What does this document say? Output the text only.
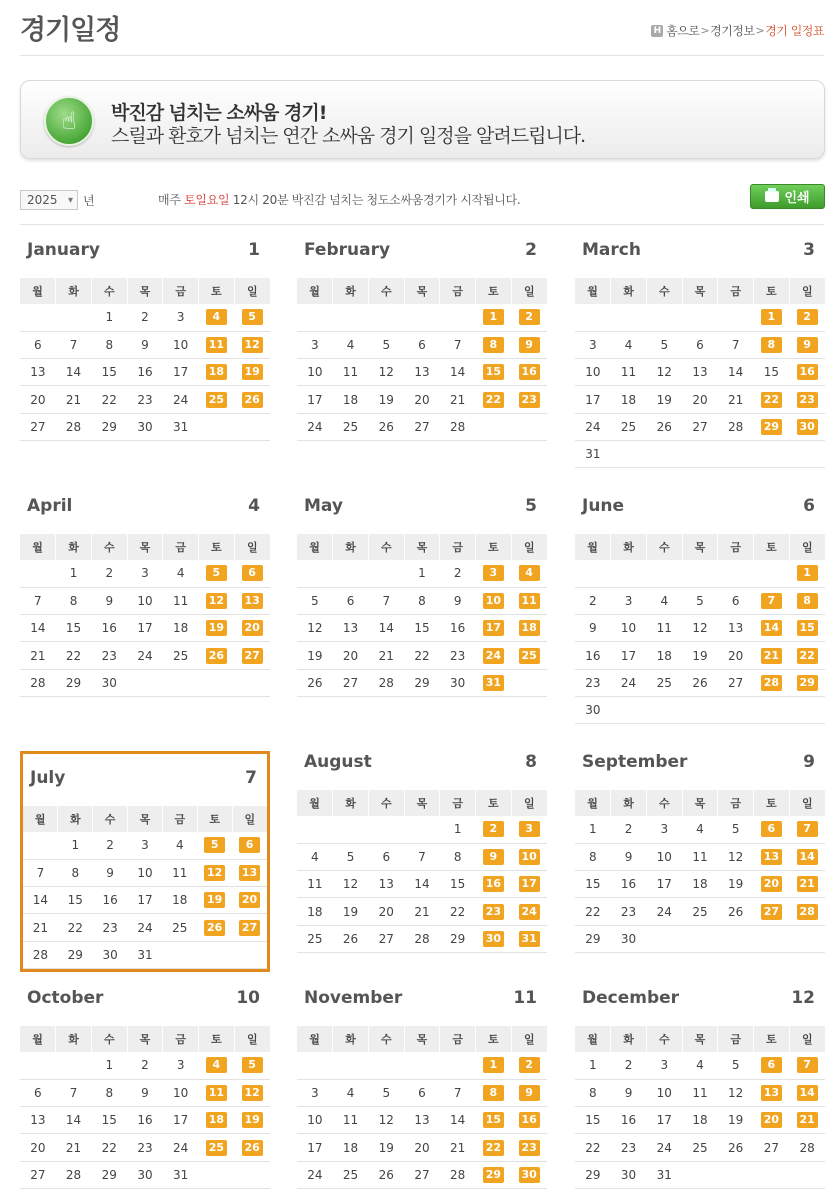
경기일정	H 홈으로 > 경기정보 > 경기 일정표
☝	박진감 넘치는 소싸움 경기!
스릴과 환호가 넘치는 연간 소싸움 경기 일정을 알려드립니다.
2025 ▾ 년	매주 토일요일 12시 20분 박진감 넘치는 청도소싸움경기가 시작됩니다.	인쇄
January	1
월	화	수	목	금	토	일
		1	2	3	4	5
6	7	8	9	10	11	12
13	14	15	16	17	18	19
20	21	22	23	24	25	26
27	28	29	30	31		
February	2
월	화	수	목	금	토	일
					1	2
3	4	5	6	7	8	9
10	11	12	13	14	15	16
17	18	19	20	21	22	23
24	25	26	27	28		
March	3
월	화	수	목	금	토	일
					1	2
3	4	5	6	7	8	9
10	11	12	13	14	15	16
17	18	19	20	21	22	23
24	25	26	27	28	29	30
31						
April	4
월	화	수	목	금	토	일
	1	2	3	4	5	6
7	8	9	10	11	12	13
14	15	16	17	18	19	20
21	22	23	24	25	26	27
28	29	30				
May	5
월	화	수	목	금	토	일
			1	2	3	4
5	6	7	8	9	10	11
12	13	14	15	16	17	18
19	20	21	22	23	24	25
26	27	28	29	30	31	
June	6
월	화	수	목	금	토	일
						1
2	3	4	5	6	7	8
9	10	11	12	13	14	15
16	17	18	19	20	21	22
23	24	25	26	27	28	29
30						
July	7
월	화	수	목	금	토	일
	1	2	3	4	5	6
7	8	9	10	11	12	13
14	15	16	17	18	19	20
21	22	23	24	25	26	27
28	29	30	31			
August	8
월	화	수	목	금	토	일
				1	2	3
4	5	6	7	8	9	10
11	12	13	14	15	16	17
18	19	20	21	22	23	24
25	26	27	28	29	30	31
September	9
월	화	수	목	금	토	일
1	2	3	4	5	6	7
8	9	10	11	12	13	14
15	16	17	18	19	20	21
22	23	24	25	26	27	28
29	30					
October	10
월	화	수	목	금	토	일
		1	2	3	4	5
6	7	8	9	10	11	12
13	14	15	16	17	18	19
20	21	22	23	24	25	26
27	28	29	30	31		
November	11
월	화	수	목	금	토	일
					1	2
3	4	5	6	7	8	9
10	11	12	13	14	15	16
17	18	19	20	21	22	23
24	25	26	27	28	29	30
December	12
월	화	수	목	금	토	일
1	2	3	4	5	6	7
8	9	10	11	12	13	14
15	16	17	18	19	20	21
22	23	24	25	26	27	28
29	30	31				
